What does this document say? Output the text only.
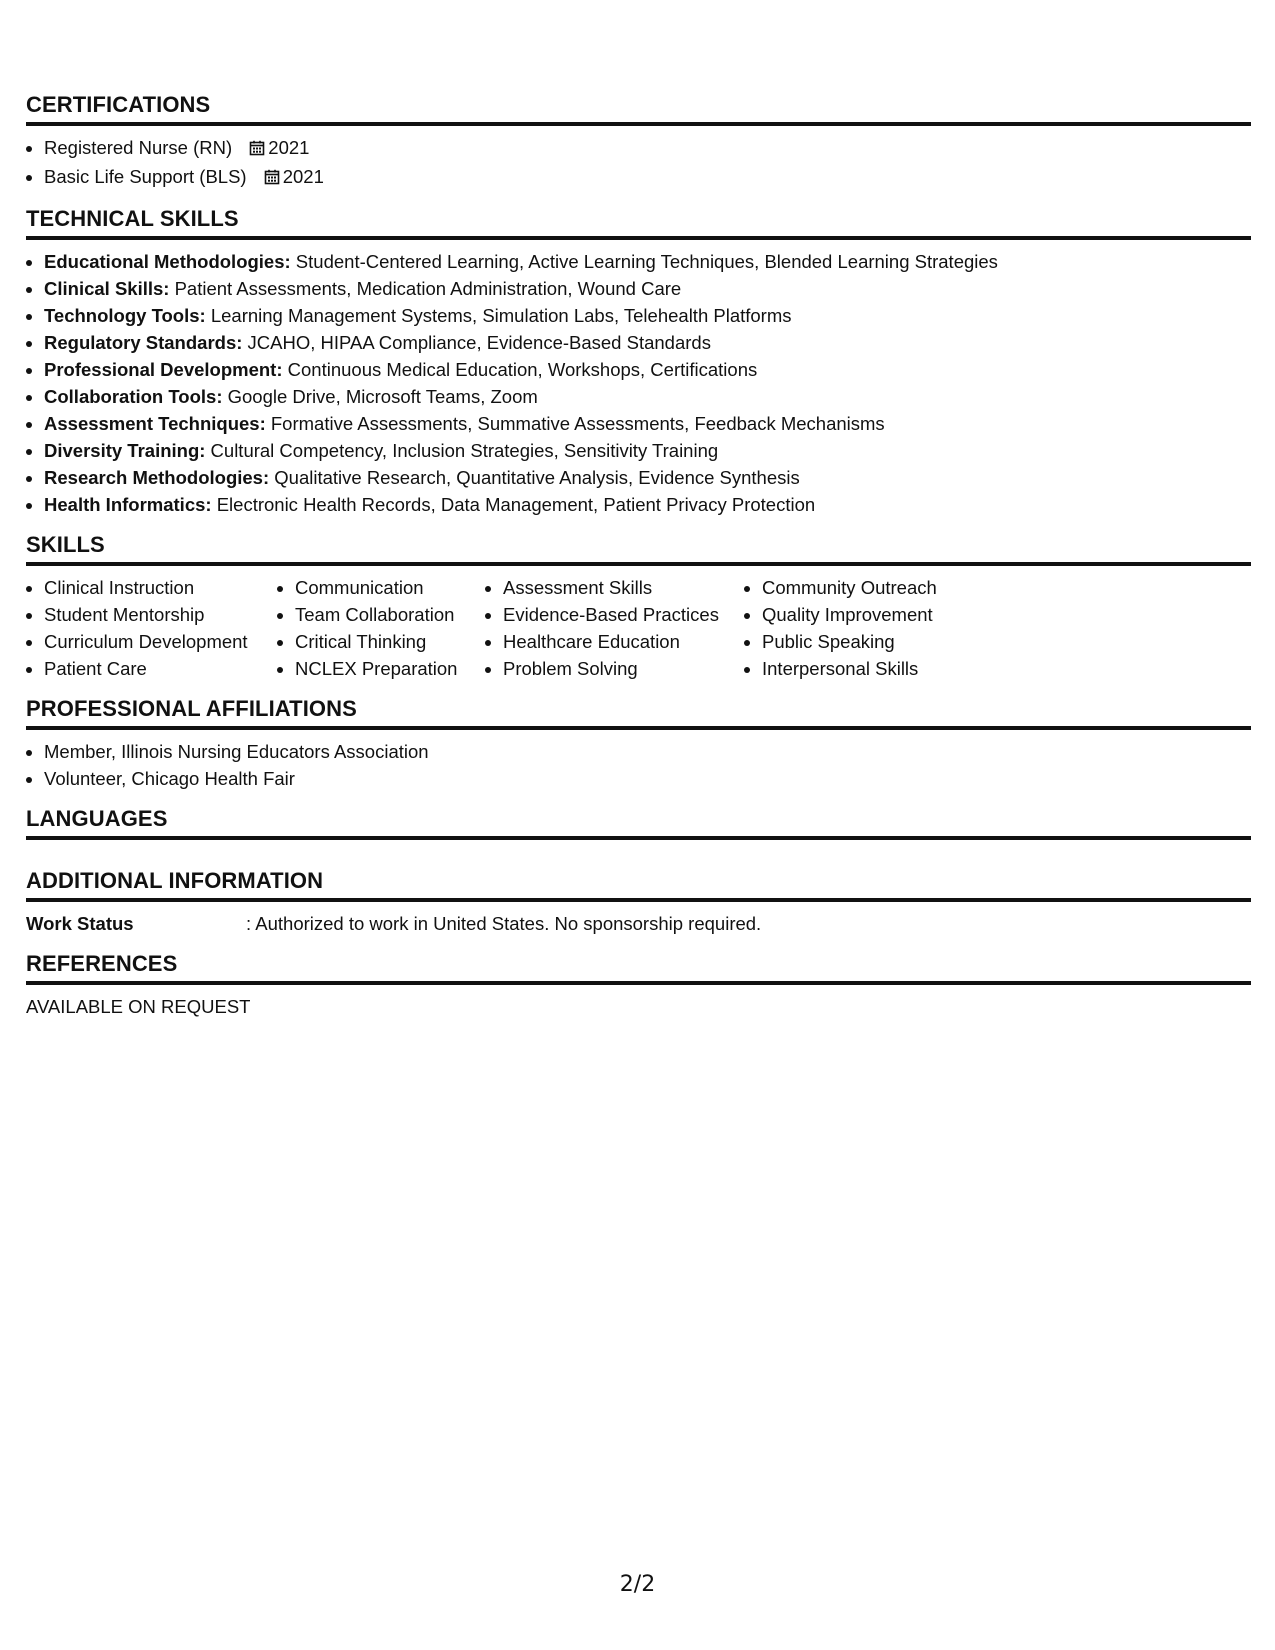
CERTIFICATIONS
• Registered Nurse (RN) 2021
• Basic Life Support (BLS) 2021
TECHNICAL SKILLS
• Educational Methodologies: Student-Centered Learning, Active Learning Techniques, Blended Learning Strategies
• Clinical Skills: Patient Assessments, Medication Administration, Wound Care
• Technology Tools: Learning Management Systems, Simulation Labs, Telehealth Platforms
• Regulatory Standards: JCAHO, HIPAA Compliance, Evidence-Based Standards
• Professional Development: Continuous Medical Education, Workshops, Certifications
• Collaboration Tools: Google Drive, Microsoft Teams, Zoom
• Assessment Techniques: Formative Assessments, Summative Assessments, Feedback Mechanisms
• Diversity Training: Cultural Competency, Inclusion Strategies, Sensitivity Training
• Research Methodologies: Qualitative Research, Quantitative Analysis, Evidence Synthesis
• Health Informatics: Electronic Health Records, Data Management, Patient Privacy Protection
SKILLS
• Clinical Instruction
• Student Mentorship
• Curriculum Development
• Patient Care
• Communication
• Team Collaboration
• Critical Thinking
• NCLEX Preparation
• Assessment Skills
• Evidence-Based Practices
• Healthcare Education
• Problem Solving
• Community Outreach
• Quality Improvement
• Public Speaking
• Interpersonal Skills
PROFESSIONAL AFFILIATIONS
• Member, Illinois Nursing Educators Association
• Volunteer, Chicago Health Fair
LANGUAGES
ADDITIONAL INFORMATION
Work Status	: Authorized to work in United States. No sponsorship required.
REFERENCES

AVAILABLE ON REQUEST

2/2
